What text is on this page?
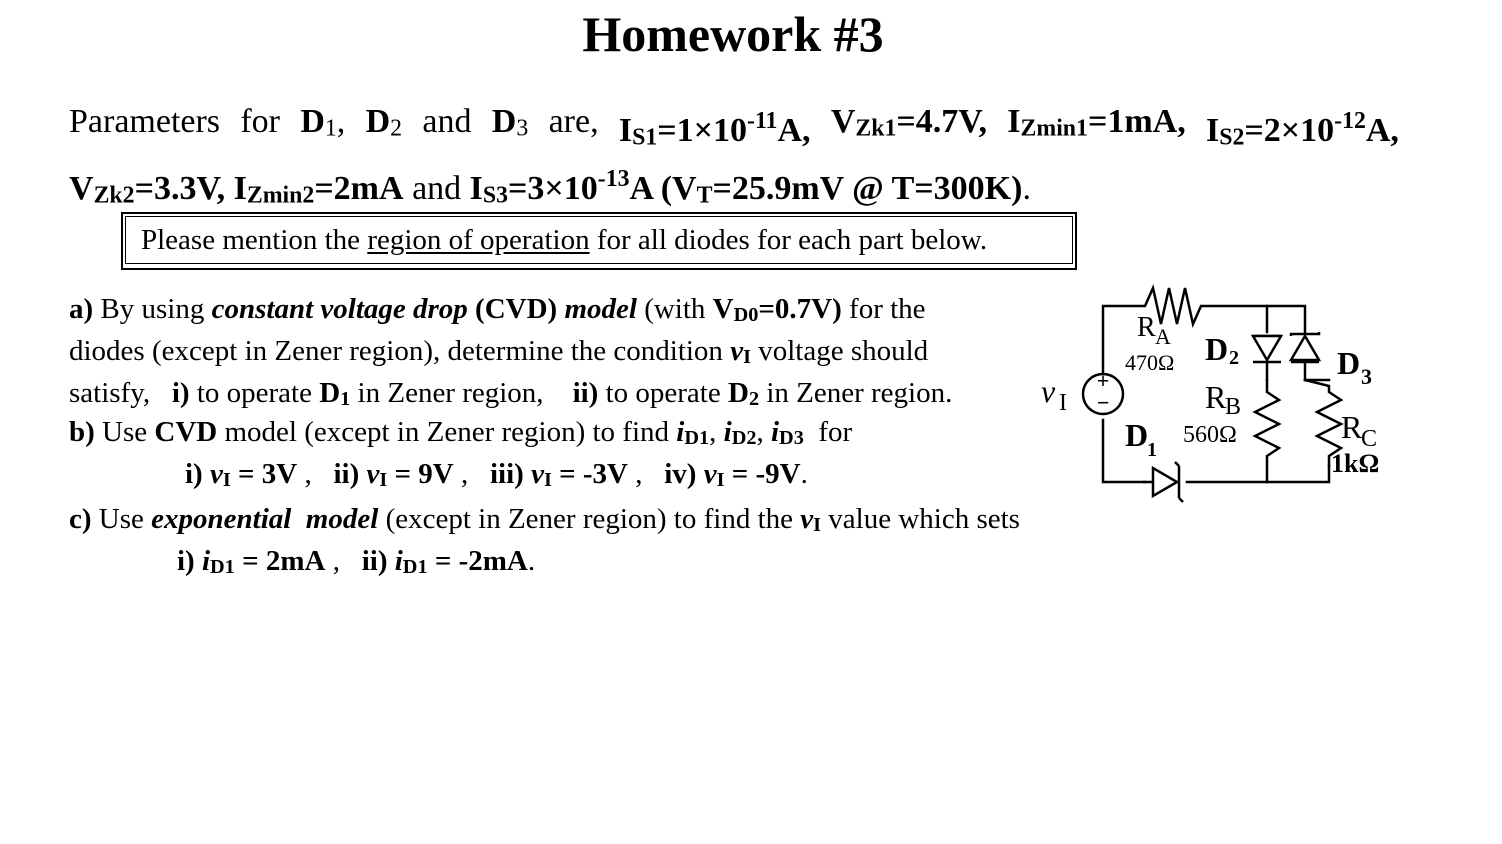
Homework #3
Parameters for D1, D2 and D3 are, $IS1=1\times 10^{-11}A$, VZk1=4.7V, IZmin1=1mA, $IS2=2\times 10^{-12}A$,
VZk2=3.3V, IZmin2=2mA and $IS3=3\times 10^{-13}A$ (VT=25.9mV @ T=300K).
Please mention the region of operation for all diodes for each part below.
a) By using constant voltage drop (CVD) model (with VD0=0.7V) for the
diodes (except in Zener region), determine the condition vI voltage should
satisfy, i) to operate D1 in Zener region, ii) to operate D2 in Zener region.
b) Use CVD model (except in Zener region) to find iD1, iD2, iD3  for
i) vI = 3V ,   ii) vI = 9V ,   iii) vI = -3V ,   iv) vI = -9V.
c) Use exponential  model (except in Zener region) to find the vI value which sets
i) iD1 = 2mA ,   ii) iD1 = -2mA.
+
−
v I
R A
470Ω D 2	D 3
R
B
560Ω
D
1
R
C
1kΩ
